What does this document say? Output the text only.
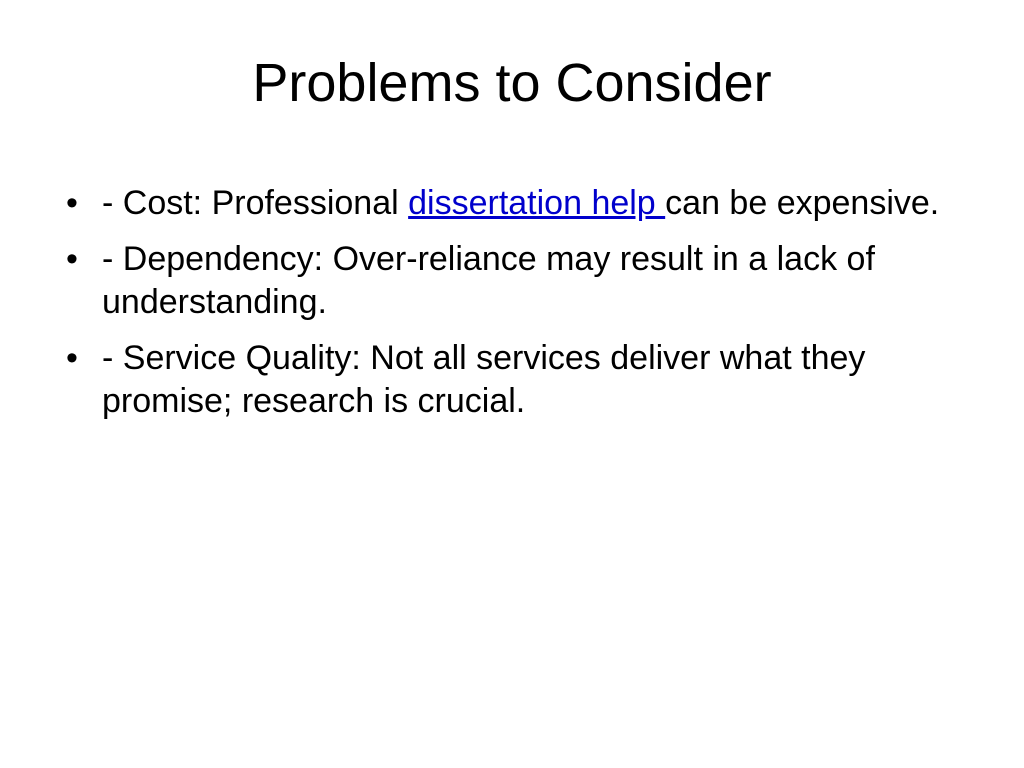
Problems to Consider
• - Cost: Professional dissertation help can be expensive.
• - Dependency: Over-reliance may result in a lack of understanding.
• - Service Quality: Not all services deliver what they promise; research is crucial.
